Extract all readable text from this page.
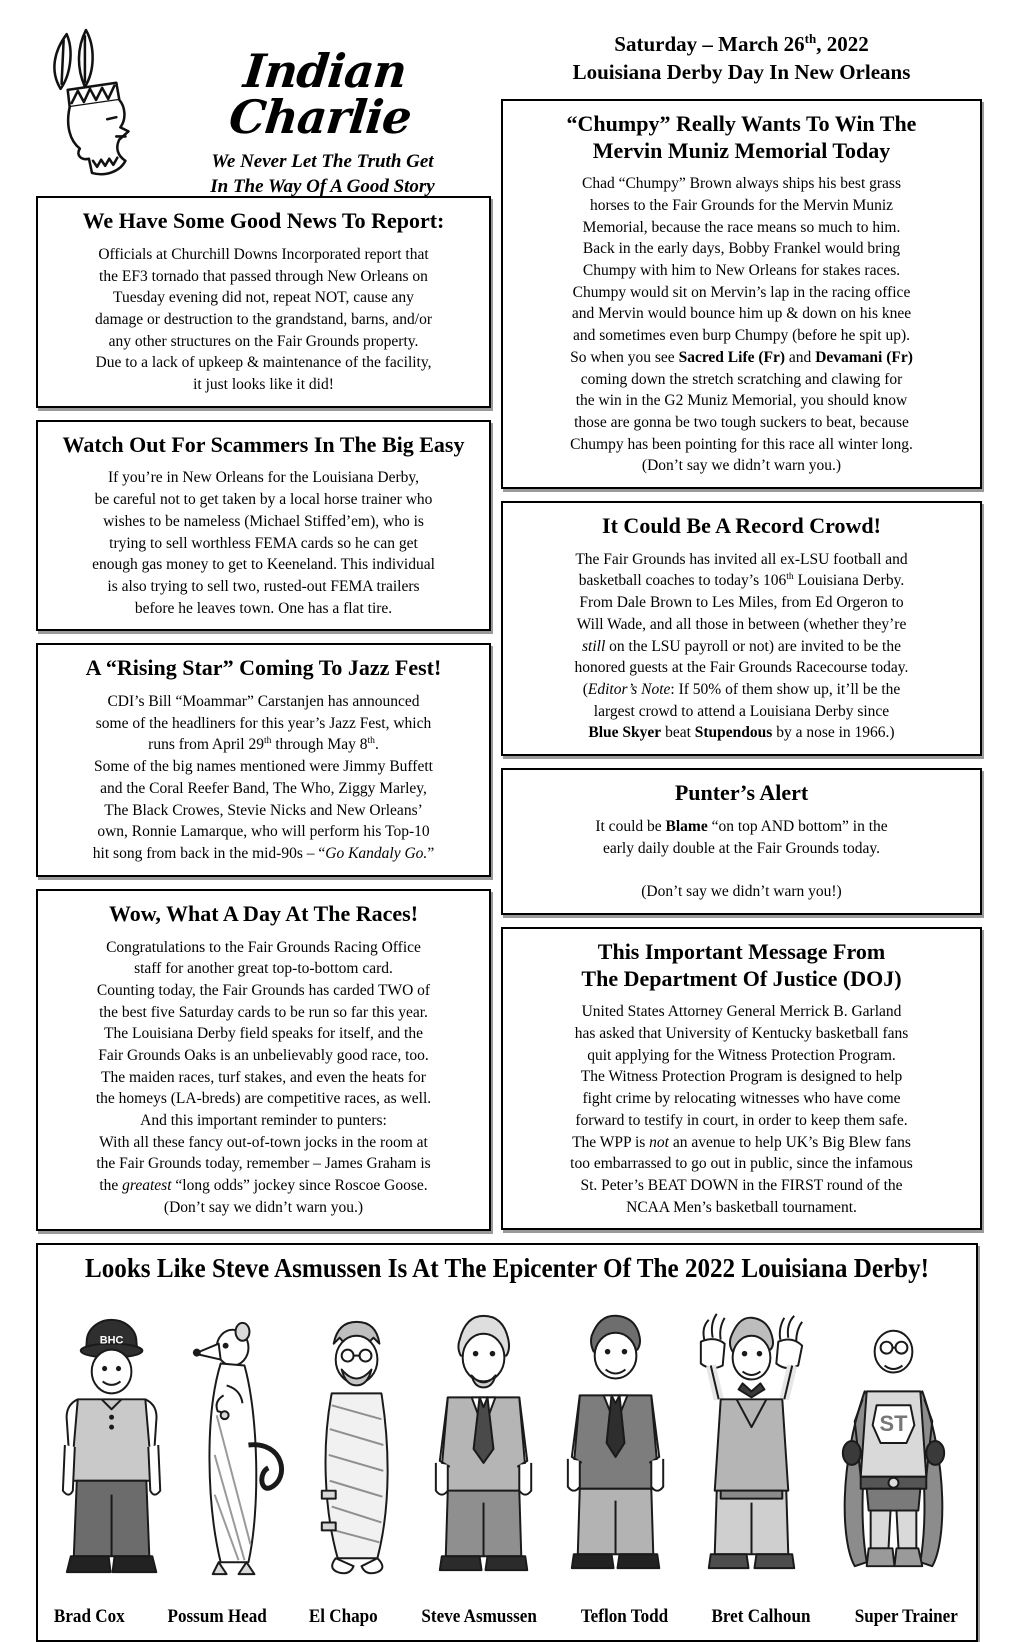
Indian Charlie
We Never Let The Truth Get
In The Way Of A Good Story
We Have Some Good News To Report:

Officials at Churchill Downs Incorporated report that
the EF3 tornado that passed through New Orleans on
Tuesday evening did not, repeat NOT, cause any
damage or destruction to the grandstand, barns, and/or
any other structures on the Fair Grounds property.
Due to a lack of upkeep & maintenance of the facility,
it just looks like it did!

Watch Out For Scammers In The Big Easy

If you’re in New Orleans for the Louisiana Derby,
be careful not to get taken by a local horse trainer who
wishes to be nameless (Michael Stiffed’em), who is
trying to sell worthless FEMA cards so he can get
enough gas money to get to Keeneland. This individual
is also trying to sell two, rusted-out FEMA trailers
before he leaves town. One has a flat tire.

A “Rising Star” Coming To Jazz Fest!

CDI’s Bill “Moammar” Carstanjen has announced
some of the headliners for this year’s Jazz Fest, which
runs from April 29th through May 8th.
Some of the big names mentioned were Jimmy Buffett
and the Coral Reefer Band, The Who, Ziggy Marley,
The Black Crowes, Stevie Nicks and New Orleans’
own, Ronnie Lamarque, who will perform his Top-10
hit song from back in the mid-90s – “Go Kandaly Go.”

Wow, What A Day At The Races!

Congratulations to the Fair Grounds Racing Office
staff for another great top-to-bottom card.
Counting today, the Fair Grounds has carded TWO of
the best five Saturday cards to be run so far this year.
The Louisiana Derby field speaks for itself, and the
Fair Grounds Oaks is an unbelievably good race, too.
The maiden races, turf stakes, and even the heats for
the homeys (LA-breds) are competitive races, as well.
And this important reminder to punters:
With all these fancy out-of-town jocks in the room at
the Fair Grounds today, remember – James Graham is
the greatest “long odds” jockey since Roscoe Goose.
(Don’t say we didn’t warn you.)

Saturday – March 26th, 2022
Louisiana Derby Day In New Orleans
“Chumpy” Really Wants To Win The
Mervin Muniz Memorial Today

Chad “Chumpy” Brown always ships his best grass
horses to the Fair Grounds for the Mervin Muniz
Memorial, because the race means so much to him.
Back in the early days, Bobby Frankel would bring
Chumpy with him to New Orleans for stakes races.
Chumpy would sit on Mervin’s lap in the racing office
and Mervin would bounce him up & down on his knee
and sometimes even burp Chumpy (before he spit up).
So when you see Sacred Life (Fr) and Devamani (Fr)
coming down the stretch scratching and clawing for
the win in the G2 Muniz Memorial, you should know
those are gonna be two tough suckers to beat, because
Chumpy has been pointing for this race all winter long.
(Don’t say we didn’t warn you.)

It Could Be A Record Crowd!

The Fair Grounds has invited all ex-LSU football and
basketball coaches to today’s 106th Louisiana Derby.
From Dale Brown to Les Miles, from Ed Orgeron to
Will Wade, and all those in between (whether they’re
still on the LSU payroll or not) are invited to be the
honored guests at the Fair Grounds Racecourse today.
(Editor’s Note: If 50% of them show up, it’ll be the
largest crowd to attend a Louisiana Derby since
Blue Skyer beat Stupendous by a nose in 1966.)

Punter’s Alert

It could be Blame “on top AND bottom” in the
early daily double at the Fair Grounds today.

(Don’t say we didn’t warn you!)

This Important Message From
The Department Of Justice (DOJ)

United States Attorney General Merrick B. Garland
has asked that University of Kentucky basketball fans
quit applying for the Witness Protection Program.
The Witness Protection Program is designed to help
fight crime by relocating witnesses who have come
forward to testify in court, in order to keep them safe.
The WPP is not an avenue to help UK’s Big Blew fans
too embarrassed to go out in public, since the infamous
St. Peter’s BEAT DOWN in the FIRST round of the
NCAA Men’s basketball tournament.

Looks Like Steve Asmussen Is At The Epicenter Of The 2022 Louisiana Derby!
BHC
ST
Brad Cox Possum Head El Chapo Steve Asmussen Teflon Todd Bret Calhoun Super Trainer
